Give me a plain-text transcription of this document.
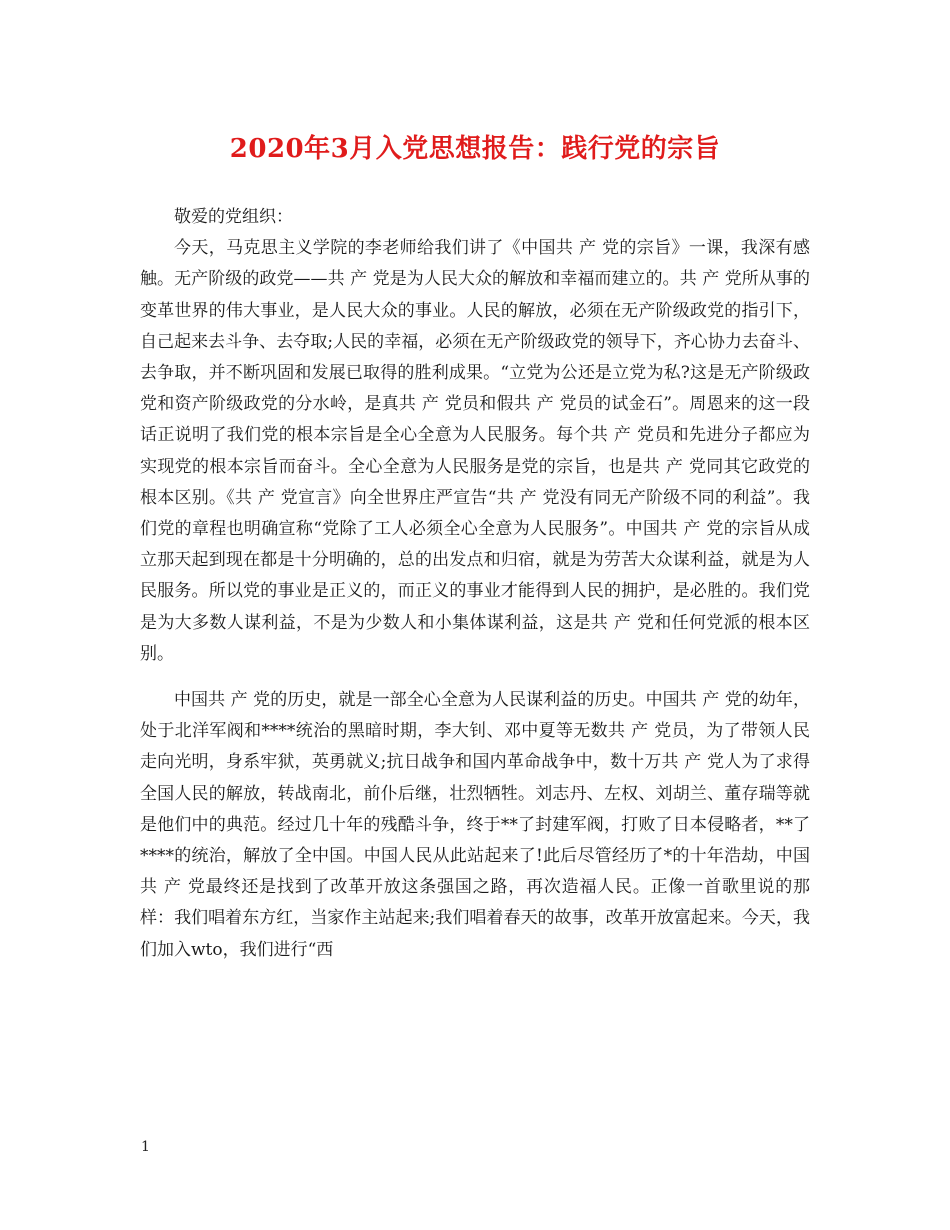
2020年3月入党思想报告：践行党的宗旨

敬爱的党组织：

今天，马克思主义学院的李老师给我们讲了《中国共 产 党的宗旨》一课，我深有感触。无产阶级的政党——共 产 党是为人民大众的解放和幸福而建立的。共 产 党所从事的变革世界的伟大事业，是人民大众的事业。人民的解放，必须在无产阶级政党的指引下，自己起来去斗争、去夺取;人民的幸福，必须在无产阶级政党的领导下，齐心协力去奋斗、去争取，并不断巩固和发展已取得的胜利成果。“立党为公还是立党为私?这是无产阶级政党和资产阶级政党的分水岭，是真共 产 党员和假共 产 党员的试金石”。周恩来的这一段话正说明了我们党的根本宗旨是全心全意为人民服务。每个共 产 党员和先进分子都应为实现党的根本宗旨而奋斗。全心全意为人民服务是党的宗旨，也是共 产 党同其它政党的根本区别。《共 产 党宣言》向全世界庄严宣告“共 产 党没有同无产阶级不同的利益”。我们党的章程也明确宣称“党除了工人必须全心全意为人民服务”。中国共 产 党的宗旨从成立那天起到现在都是十分明确的，总的出发点和归宿，就是为劳苦大众谋利益，就是为人民服务。所以党的事业是正义的，而正义的事业才能得到人民的拥护，是必胜的。我们党是为大多数人谋利益，不是为少数人和小集体谋利益，这是共 产 党和任何党派的根本区别。

中国共 产 党的历史，就是一部全心全意为人民谋利益的历史。中国共 产 党的幼年，处于北洋军阀和****统治的黑暗时期，李大钊、邓中夏等无数共 产 党员，为了带领人民走向光明，身系牢狱，英勇就义;抗日战争和国内革命战争中，数十万共 产 党人为了求得全国人民的解放，转战南北，前仆后继，壮烈牺牲。刘志丹、左权、刘胡兰、董存瑞等就是他们中的典范。经过几十年的残酷斗争，终于**了封建军阀，打败了日本侵略者，**了****的统治，解放了全中国。中国人民从此站起来了!此后尽管经历了*的十年浩劫，中国共 产 党最终还是找到了改革开放这条强国之路，再次造福人民。正像一首歌里说的那样：我们唱着东方红，当家作主站起来;我们唱着春天的故事，改革开放富起来。今天，我们加入wto，我们进行“西

1
